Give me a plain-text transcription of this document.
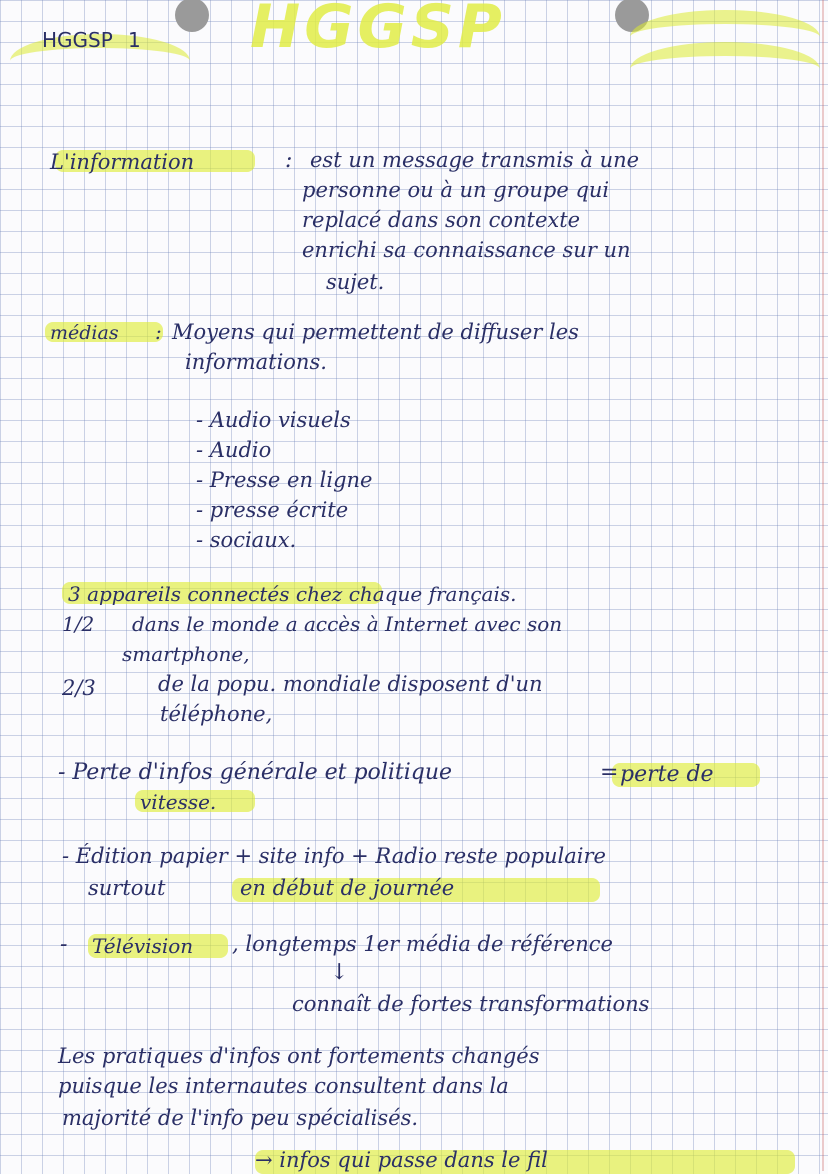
HGGSP 1 HGGSP
L'information	: est un message transmis à une
personne ou à un groupe qui
replacé dans son contexte
enrichi sa connaissance sur un
sujet.
médias : Moyens qui permettent de diffuser les
informations.
- Audio visuels
- Audio
- Presse en ligne
- presse écrite
- sociaux.
3 appareils connectés chez chaque français.
1/2 dans le monde a accès à Internet avec son
smartphone,
2/3	de la popu. mondiale disposent d'un
téléphone,
- Perte d'infos générale et politique	= perte de
vitesse.
- Édition papier + site info + Radio reste populaire
surtout	en début de journée
- Télévision , longtemps 1er média de référence
↓
connaît de fortes transformations
Les pratiques d'infos ont fortements changés
puisque les internautes consultent dans la
majorité de l'info peu spécialisés.
→ infos qui passe dans le fil
